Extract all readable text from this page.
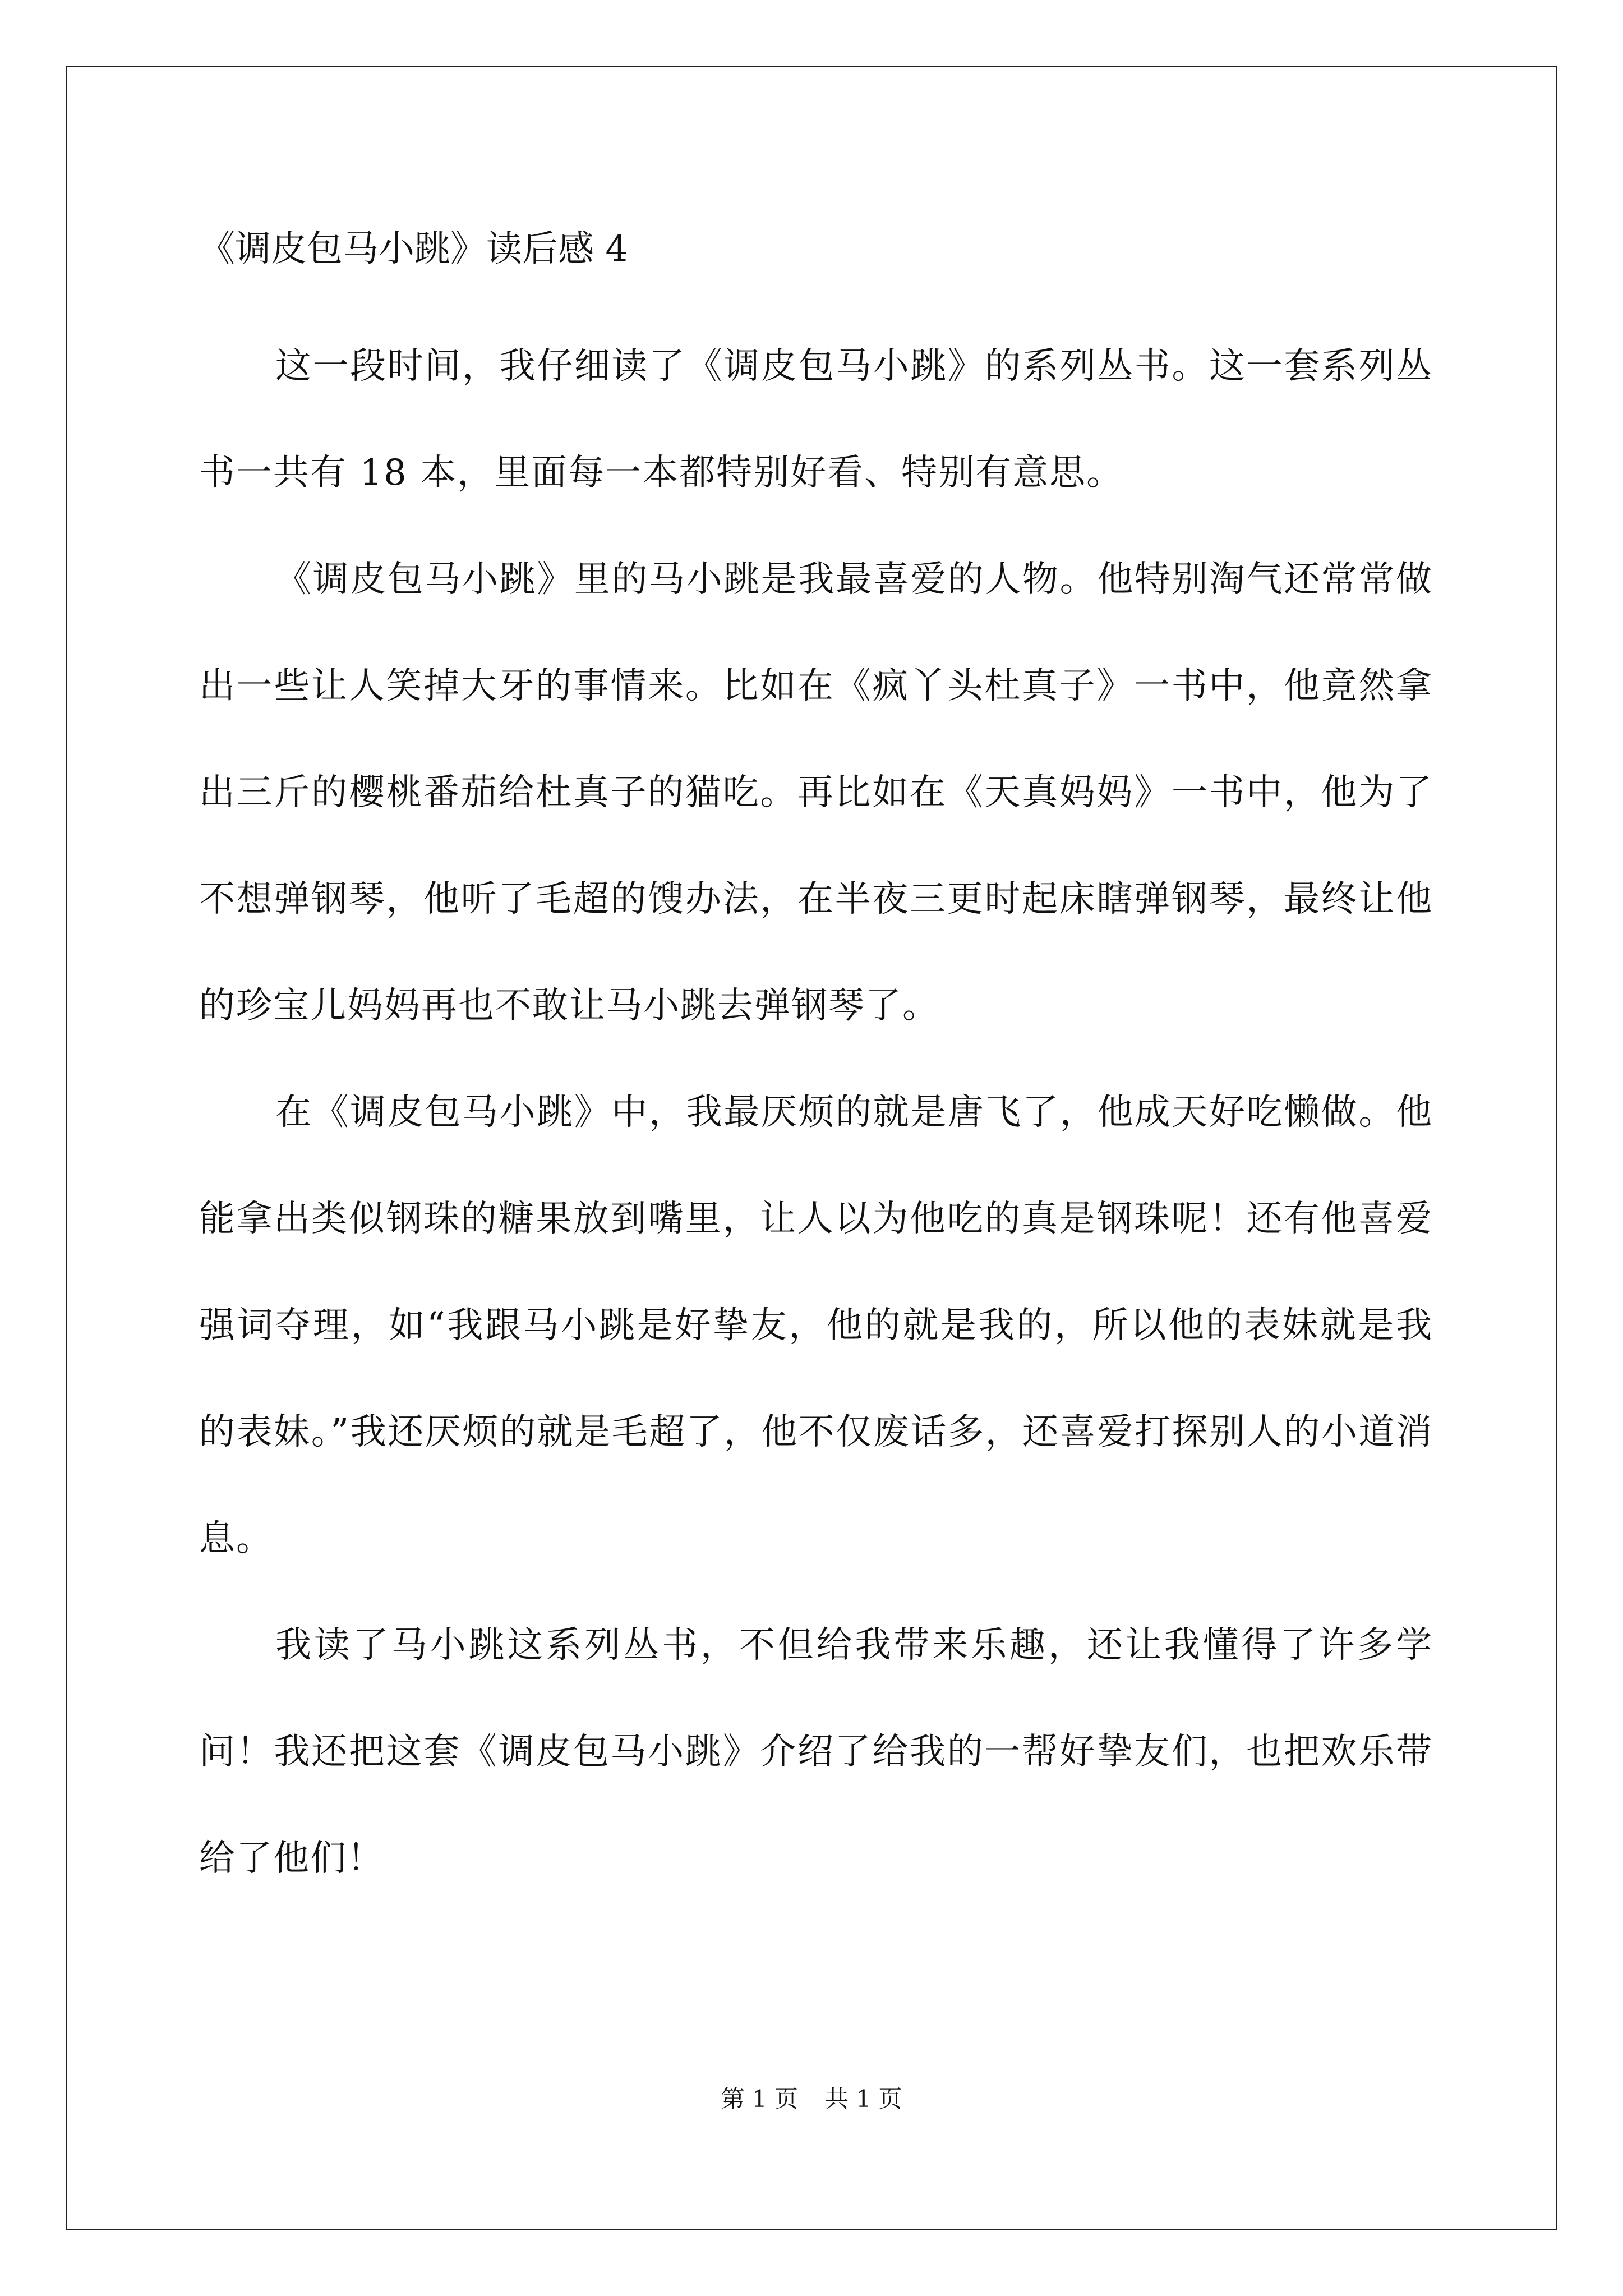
《调皮包马小跳》读后感 4

这一段时间，我仔细读了《调皮包马小跳》的系列丛书。这一套系列丛书一共有 18 本，里面每一本都特别好看、特别有意思。

《调皮包马小跳》里的马小跳是我最喜爱的人物。他特别淘气还常常做出一些让人笑掉大牙的事情来。比如在《疯丫头杜真子》一书中，他竟然拿出三斤的樱桃番茄给杜真子的猫吃。再比如在《天真妈妈》一书中，他为了不想弹钢琴，他听了毛超的馊办法，在半夜三更时起床瞎弹钢琴，最终让他的珍宝儿妈妈再也不敢让马小跳去弹钢琴了。

在《调皮包马小跳》中，我最厌烦的就是唐飞了，他成天好吃懒做。他能拿出类似钢珠的糖果放到嘴里，让人以为他吃的真是钢珠呢！还有他喜爱强词夺理，如“我跟马小跳是好挚友，他的就是我的，所以他的表妹就是我的表妹。”我还厌烦的就是毛超了，他不仅废话多，还喜爱打探别人的小道消息。

我读了马小跳这系列丛书，不但给我带来乐趣，还让我懂得了许多学问！我还把这套《调皮包马小跳》介绍了给我的一帮好挚友们，也把欢乐带给了他们！

第 1 页 共 1 页
